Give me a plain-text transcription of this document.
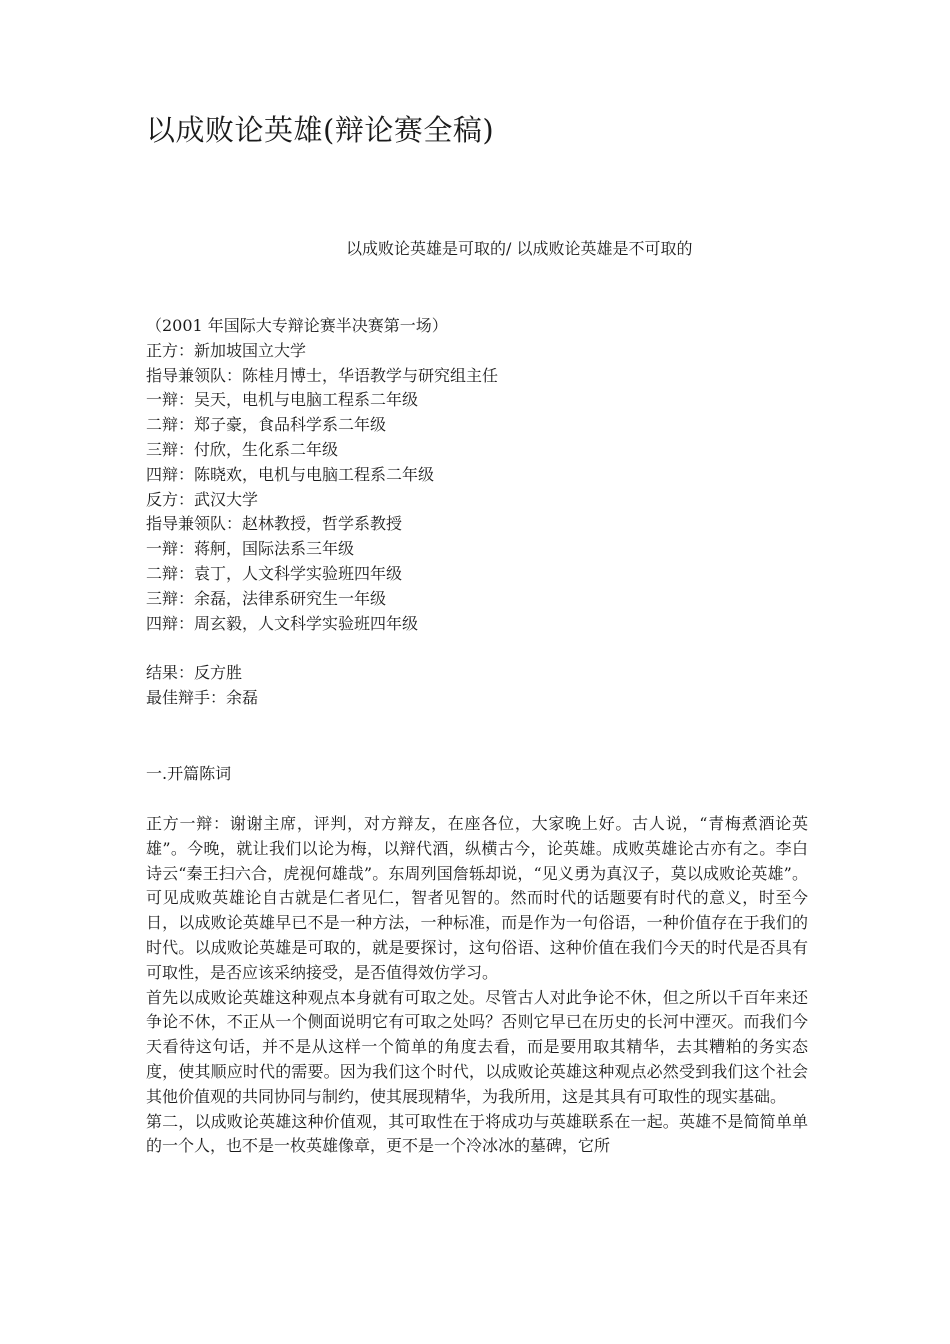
以成败论英雄(辩论赛全稿)
以成败论英雄是可取的/ 以成败论英雄是不可取的
（2001 年国际大专辩论赛半决赛第一场）
正方：新加坡国立大学
指导兼领队：陈桂月博士，华语教学与研究组主任
一辩：吴天，电机与电脑工程系二年级
二辩：郑子豪，食品科学系二年级
三辩：付欣，生化系二年级
四辩：陈晓欢，电机与电脑工程系二年级
反方：武汉大学
指导兼领队：赵林教授，哲学系教授
一辩：蒋舸，国际法系三年级
二辩：袁丁，人文科学实验班四年级
三辩：余磊，法律系研究生一年级
四辩：周玄毅，人文科学实验班四年级
结果：反方胜
最佳辩手：余磊
一.开篇陈词

正方一辩：谢谢主席，评判，对方辩友，在座各位，大家晚上好。古人说，“青梅煮酒论英雄”。今晚，就让我们以论为梅，以辩代酒，纵横古今，论英雄。成败英雄论古亦有之。李白诗云“秦王扫六合，虎视何雄哉”。东周列国詹轹却说，“见义勇为真汉子，莫以成败论英雄”。可见成败英雄论自古就是仁者见仁，智者见智的。然而时代的话题要有时代的意义，时至今日，以成败论英雄早已不是一种方法，一种标准，而是作为一句俗语，一种价值存在于我们的时代。以成败论英雄是可取的，就是要探讨，这句俗语、这种价值在我们今天的时代是否具有可取性，是否应该采纳接受，是否值得效仿学习。

首先以成败论英雄这种观点本身就有可取之处。尽管古人对此争论不休，但之所以千百年来还争论不休，不正从一个侧面说明它有可取之处吗？否则它早已在历史的长河中湮灭。而我们今天看待这句话，并不是从这样一个简单的角度去看，而是要用取其精华，去其糟粕的务实态度，使其顺应时代的需要。因为我们这个时代，以成败论英雄这种观点必然受到我们这个社会其他价值观的共同协同与制约，使其展现精华，为我所用，这是其具有可取性的现实基础。

第二，以成败论英雄这种价值观，其可取性在于将成功与英雄联系在一起。英雄不是简简单单的一个人，也不是一枚英雄像章，更不是一个冷冰冰的墓碑，它所
